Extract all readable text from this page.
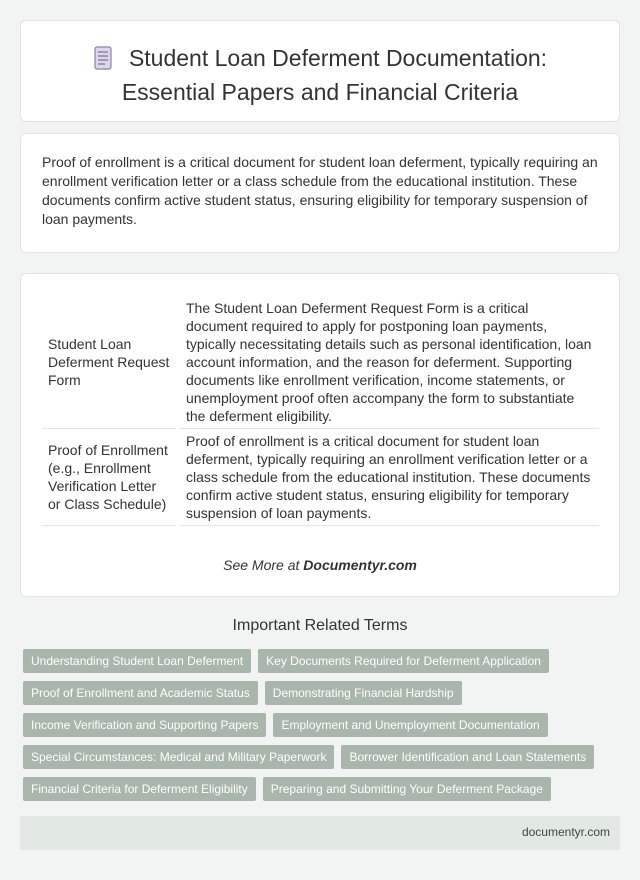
Student Loan Deferment Documentation:
Essential Papers and Financial Criteria

Proof of enrollment is a critical document for student loan deferment, typically requiring an enrollment verification letter or a class schedule from the educational institution. These documents confirm active student status, ensuring eligibility for temporary suspension of loan payments.

Student Loan Deferment Request Form	The Student Loan Deferment Request Form is a critical document required to apply for postponing loan payments, typically necessitating details such as personal identification, loan account information, and the reason for deferment. Supporting documents like enrollment verification, income statements, or unemployment proof often accompany the form to substantiate the deferment eligibility.
Proof of Enrollment (e.g., Enrollment Verification Letter or Class Schedule)	Proof of enrollment is a critical document for student loan deferment, typically requiring an enrollment verification letter or a class schedule from the educational institution. These documents confirm active student status, ensuring eligibility for temporary suspension of loan payments.
See More at Documentyr.com
Important Related Terms
Understanding Student Loan Deferment	Key Documents Required for Deferment Application
Proof of Enrollment and Academic Status	Demonstrating Financial Hardship
Income Verification and Supporting Papers	Employment and Unemployment Documentation
Special Circumstances: Medical and Military Paperwork	Borrower Identification and Loan Statements
Financial Criteria for Deferment Eligibility	Preparing and Submitting Your Deferment Package
documentyr.com
